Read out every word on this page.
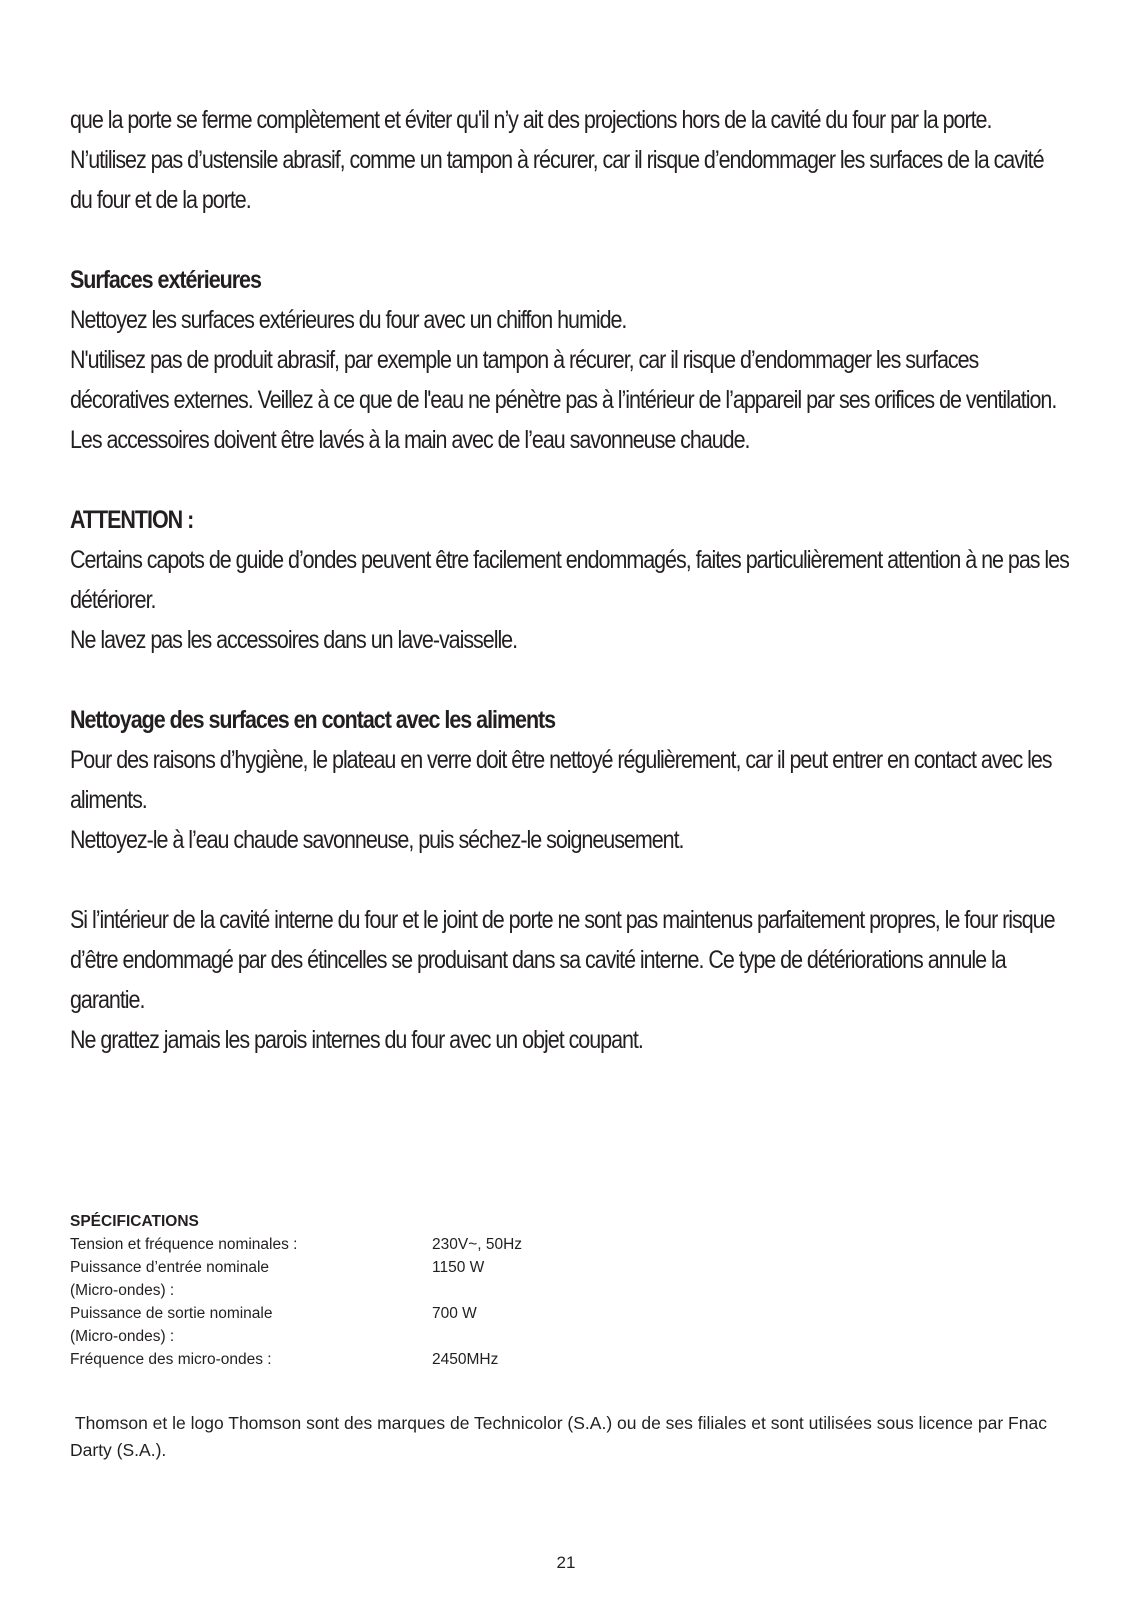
que la porte se ferme complètement et éviter qu'il n’y ait des projections hors de la cavité du four par la porte.

N’utilisez pas d’ustensile abrasif, comme un tampon à récurer, car il risque d’endommager les surfaces de la cavité du four et de la porte.

Surfaces extérieures

Nettoyez les surfaces extérieures du four avec un chiffon humide.

N'utilisez pas de produit abrasif, par exemple un tampon à récurer, car il risque d’endommager les surfaces décoratives externes. Veillez à ce que de l'eau ne pénètre pas à l’intérieur de l’appareil par ses orifices de ventilation.

Les accessoires doivent être lavés à la main avec de l’eau savonneuse chaude.

ATTENTION :

Certains capots de guide d’ondes peuvent être facilement endommagés, faites particulièrement attention à ne pas les détériorer.

Ne lavez pas les accessoires dans un lave-vaisselle.

Nettoyage des surfaces en contact avec les aliments

Pour des raisons d’hygiène, le plateau en verre doit être nettoyé régulièrement, car il peut entrer en contact avec les aliments.

Nettoyez-le à l’eau chaude savonneuse, puis séchez-le soigneusement.

Si l’intérieur de la cavité interne du four et le joint de porte ne sont pas maintenus parfaitement propres, le four risque d’être endommagé par des étincelles se produisant dans sa cavité interne. Ce type de détériorations annule la garantie.

Ne grattez jamais les parois internes du four avec un objet coupant.

SPÉCIFICATIONS

Tension et fréquence nominales :	230V~, 50Hz
Puissance d’entrée nominale	1150 W
(Micro-ondes) :
Puissance de sortie nominale	700 W
(Micro-ondes) :
Fréquence des micro-ondes :	2450MHz
Thomson et le logo Thomson sont des marques de Technicolor (S.A.) ou de ses filiales et sont utilisées sous licence par Fnac Darty (S.A.).
21
